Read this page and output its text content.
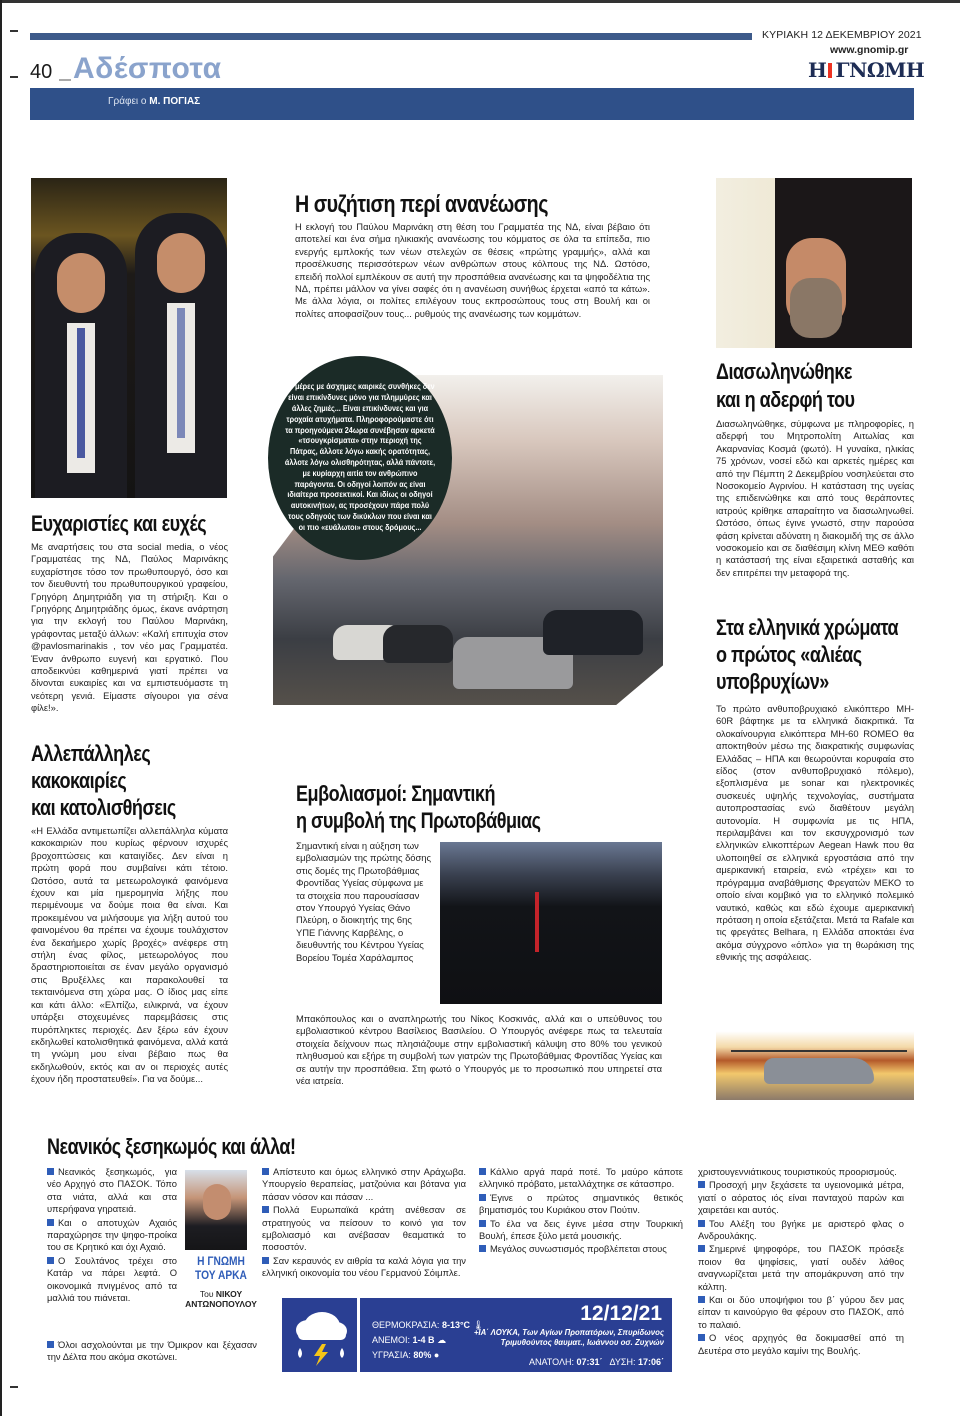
ΚΥΡΙΑΚΗ 12 ΔΕΚΕΜΒΡΙΟΥ 2021
www.gnomip.gr
Η ΓΝΩΜΗ
40 Αδέσποτα
Γράφει ο Μ. ΠΟΓΙΑΣ
Η συζήτιση περί ανανέωσης
Η εκλογή του Παύλου Μαρινάκη στη θέση του Γραμματέα της ΝΔ, είναι βέβαιο ότι αποτελεί και ένα σήμα ηλικιακής ανανέωσης του κόμματος σε όλα τα επίπεδα, πιο ενεργής εμπλοκής των νέων στελεχών σε θέσεις «πρώτης γραμμής», αλλά και προσέλκυσης περισσότερων νέων ανθρώπων στους κόλπους της ΝΔ. Ωστόσο, επειδή πολλοί εμπλέκουν σε αυτή την προσπάθεια ανανέωσης και τα ψηφοδέλτια της ΝΔ, πρέπει μάλλον να γίνει σαφές ότι η ανανέωση συνήθως έρχεται «από τα κάτω». Με άλλα λόγια, οι πολίτες επιλέγουν τους εκπροσώπους τους στη Βουλή και οι πολίτες αποφασίζουν τους... ρυθμούς της ανανέωσης των κομμάτων.
Οι μέρες με άσχημες καιρικές συνθήκες δεν είναι επικίνδυνες μόνο για πλημμύρες και άλλες ζημιές... Είναι επικίνδυνες και για τροχαία ατυχήματα. Πληροφορούμαστε ότι τα προηγούμενα 24ωρα συνέβησαν αρκετά «τσουγκρίσματα» στην περιοχή της Πάτρας, άλλοτε λόγω κακής ορατότητας, άλλοτε λόγω ολισθηρότητας, αλλά πάντοτε, με κυρίαρχη αιτία τον ανθρώπινο παράγοντα. Οι οδηγοί λοιπόν ας είναι ιδιαίτερα προσεκτικοί. Και ιδίως οι οδηγοί αυτοκινήτων, ας προσέχουν πάρα πολύ τους οδηγούς των δικύκλων που είναι και οι πιο «ευάλωτοι» στους δρόμους...
Ευχαριστίες και ευχές
Με αναρτήσεις του στα social media, ο νέος Γραμματέας της ΝΔ, Παύλος Μαρινάκης ευχαρίστησε τόσο τον πρωθυπουργό, όσο και τον διευθυντή του πρωθυπουργικού γραφείου, Γρηγόρη Δημητριάδη για τη στήριξη. Και ο Γρηγόρης Δημητριάδης όμως, έκανε ανάρτηση για την εκλογή του Παύλου Μαρινάκη, γράφοντας μεταξύ άλλων: «Καλή επιτυχία στον @pavlosmarinakis , τον νέο μας Γραμματέα. Έναν άνθρωπο ευγενή και εργατικό. Που αποδεικνύει καθημερινά γιατί πρέπει να δίνονται ευκαιρίες και να εμπιστευόμαστε τη νεότερη γενιά. Είμαστε σίγουροι για σένα φίλε!».
Διασωληνώθηκε
και η αδερφή του
Διασωληνώθηκε, σύμφωνα με πληροφορίες, η αδερφή του Μητροπολίτη Αιτωλίας και Ακαρνανίας Κοσμά (φωτό). Η γυναίκα, ηλικίας 75 χρόνων, νοσεί εδώ και αρκετές ημέρες και από την Πέμπτη 2 Δεκεμβρίου νοσηλεύεται στο Νοσοκομείο Αγρινίου. Η κατάσταση της υγείας της επιδεινώθηκε και από τους θεράποντες ιατρούς κρίθηκε απαραίτητο να διασωληνωθεί. Ωστόσο, όπως έγινε γνωστό, στην παρούσα φάση κρίνεται αδύνατη η διακομιδή της σε άλλο νοσοκομείο και σε διαθέσιμη κλίνη ΜΕΘ καθότι η κατάστασή της είναι εξαιρετικά ασταθής και δεν επιτρέπει την μεταφορά της.
Στα ελληνικά χρώματα
ο πρώτος «αλιέας
υποβρυχίων»
Το πρώτο ανθυποβρυχιακό ελικόπτερο MH-60R βάφτηκε με τα ελληνικά διακριτικά. Τα ολοκαίνουργια ελικόπτερα MH-60 ROMEO θα αποκτηθούν μέσω της διακρατικής συμφωνίας Ελλάδας – ΗΠΑ και θεωρούνται κορυφαία στο είδος (στον ανθυποβρυχιακό πόλεμο), εξοπλισμένα με sonar και ηλεκτρονικές συσκευές υψηλής τεχνολογίας, συστήματα αυτοπροστασίας ενώ διαθέτουν μεγάλη αυτονομία. Η συμφωνία με τις ΗΠΑ, περιλαμβάνει και τον εκσυγχρονισμό των ελληνικών ελικοπτέρων Aegean Hawk που θα υλοποιηθεί σε ελληνικά εργοστάσια από την αμερικανική εταιρεία, ενώ «τρέχει» και το πρόγραμμα αναβάθμισης Φρεγατών ΜΕΚΟ το οποίο είναι κομβικό για το ελληνικό πολεμικό ναυτικό, καθώς και εδώ έχουμε αμερικανική πρόταση η οποία εξετάζεται. Μετά τα Rafale και τις φρεγάτες Belhara, η Ελλάδα αποκτάει ένα ακόμα σύγχρονο «όπλο» για τη θωράκιση της εθνικής της ασφάλειας.
Αλλεπάλληλες
κακοκαιρίες
και κατολισθήσεις
«Η Ελλάδα αντιμετωπίζει αλλεπάλληλα κύματα κακοκαιριών που κυρίως φέρνουν ισχυρές βροχοπτώσεις και καταιγίδες. Δεν είναι η πρώτη φορά που συμβαίνει κάτι τέτοιο. Ωστόσο, αυτά τα μετεωρολογικά φαινόμενα έχουν και μία ημερομηνία λήξης που περιμένουμε να δούμε ποια θα είναι. Και προκειμένου να μιλήσουμε για λήξη αυτού του φαινομένου θα πρέπει να έχουμε τουλάχιστον ένα δεκαήμερο χωρίς βροχές» ανέφερε στη στήλη ένας φίλος, μετεωρολόγος που δραστηριοποιείται σε έναν μεγάλο οργανισμό στις Βρυξέλλες και παρακολουθεί τα τεκταινόμενα στη χώρα μας. Ο ίδιος μας είπε και κάτι άλλο: «Ελπίζω, ειλικρινά, να έχουν υπάρξει στοχευμένες παρεμβάσεις στις πυρόπληκτες περιοχές. Δεν ξέρω εάν έχουν εκδηλωθεί κατολισθητικά φαινόμενα, αλλά κατά τη γνώμη μου είναι βέβαιο πως θα εκδηλωθούν, εκτός και αν οι περιοχές αυτές έχουν ήδη προστατευθεί». Για να δούμε...
Εμβολιασμοί: Σημαντική
η συμβολή της Πρωτοβάθμιας
Σημαντική είναι η αύξηση των εμβολιασμών της πρώτης δόσης στις δομές της Πρωτοβάθμιας Φροντίδας Υγείας σύμφωνα με τα στοιχεία που παρουσίασαν στον Υπουργό Υγείας Θάνο Πλεύρη, ο διοικητής της 6ης ΥΠΕ Γιάννης Καρβέλης, ο διευθυντής του Κέντρου Υγείας Βορείου Τομέα Χαράλαμπος
Μπακόπουλος και ο αναπληρωτής του Νίκος Κοσκινάς, αλλά και ο υπεύθυνος του εμβολιαστικού κέντρου Βασίλειος Βασιλείου. Ο Υπουργός ανέφερε πως τα τελευταία στοιχεία δείχνουν πως πλησιάζουμε στην εμβολιαστική κάλυψη στο 80% του γενικού πληθυσμού και εξήρε τη συμβολή των γιατρών της Πρωτοβάθμιας Φροντίδας Υγείας και σε αυτήν την προσπάθεια. Στη φωτό ο Υπουργός με το προσωπικό που υπηρετεί στα νέα ιατρεία.
Νεανικός ξεσηκωμός και άλλα!

Νεανικός ξεσηκωμός, για νέο Αρχηγό στο ΠΑΣΟΚ. Τόπο στα νιάτα, αλλά και στα υπερήφανα γηρατειά.

Και ο αποτυχών Αχαιός παραχώρησε την ψηφο-προίκα του σε Κρητικό και όχι Αχαιό.

Ο Σουλτάνος τρέχει στο Κατάρ να πάρει λεφτά. Ο οικονομικά πνιγμένος από τα μαλλιά του πιάνεται.

Όλοι ασχολούνται με την Όμικρον και ξέχασαν την Δέλτα που ακόμα σκοτώνει.

Η ΓΝΩΜΗ
ΤΟΥ ΑΡΚΑ
Του ΝΙΚΟΥ
ΑΝΤΩΝΟΠΟΥΛΟΥ

Απίστευτο και όμως ελληνικό στην Αράχωβα. Υπουργείο θεραπείας, ματζούνια και βότανα για πάσαν νόσον και πάσαν ...

Πολλά Ευρωπαϊκά κράτη ανέθεσαν σε στρατηγούς να πείσουν το κοινό για τον εμβολιασμό και ανέβασαν θεαματικά το ποσοστόν.

Σαν κεραυνός εν αιθρία τα καλά λόγια για την ελληνική οικονομία του νέου Γερμανού Σόιμπλε.

Κάλλιο αργά παρά ποτέ. Το μαύρο κάποτε ελληνικό πρόβατο, μεταλλάχτηκε σε κάτασπρο.

Έγινε ο πρώτος σημαντικός θετικός βηματισμός του Κυριάκου στον Πούτιν.

Το έλα να δεις έγινε μέσα στην Τουρκική Βουλή, έπεσε ξύλο μετά μουσικής.

Μεγάλος συνωστισμός προβλέπεται στους

χριστουγεννιάτικους τουριστικούς προορισμούς.

Προσοχή μην ξεχάσετε τα υγειονομικά μέτρα, γιατί ο αόρατος ιός είναι πανταχού παρών και χαιρετάει και αυτός.

Του Αλέξη του βγήκε με αριστερό φλας ο Ανδρουλάκης.

Σημερινέ ψηφοφόρε, του ΠΑΣΟΚ πρόσεξε ποιον θα ψηφίσεις, γιατί ουδέν λάθος αναγνωρίζεται μετά την απομάκρυνση από την κάλπη.

Και οι δύο υποψήφιοι του β΄ γύρου δεν μας είπαν τι καινούργιο θα φέρουν στο ΠΑΣΟΚ, από το παλαιό.

Ο νέος αρχηγός θα δοκιμασθεί από τη Δευτέρα στο μεγάλο καμίνι της Βουλής.

ΘΕΡΜΟΚΡΑΣΙΑ: 8-13°C 🌡
ΑΝΕΜΟΙ: 1-4 Β ☁
ΥΓΡΑΣΙΑ: 80% ●
12/12/21
+ΙΑ΄ ΛΟΥΚΑ, Των Αγίων Προπατόρων, Σπυρίδωνος Τριμυθούντος θαυματ., Ιωάννου οσ. Ζυχνών
ΑΝΑΤΟΛΗ: 07:31΄ ΔΥΣΗ: 17:06΄
